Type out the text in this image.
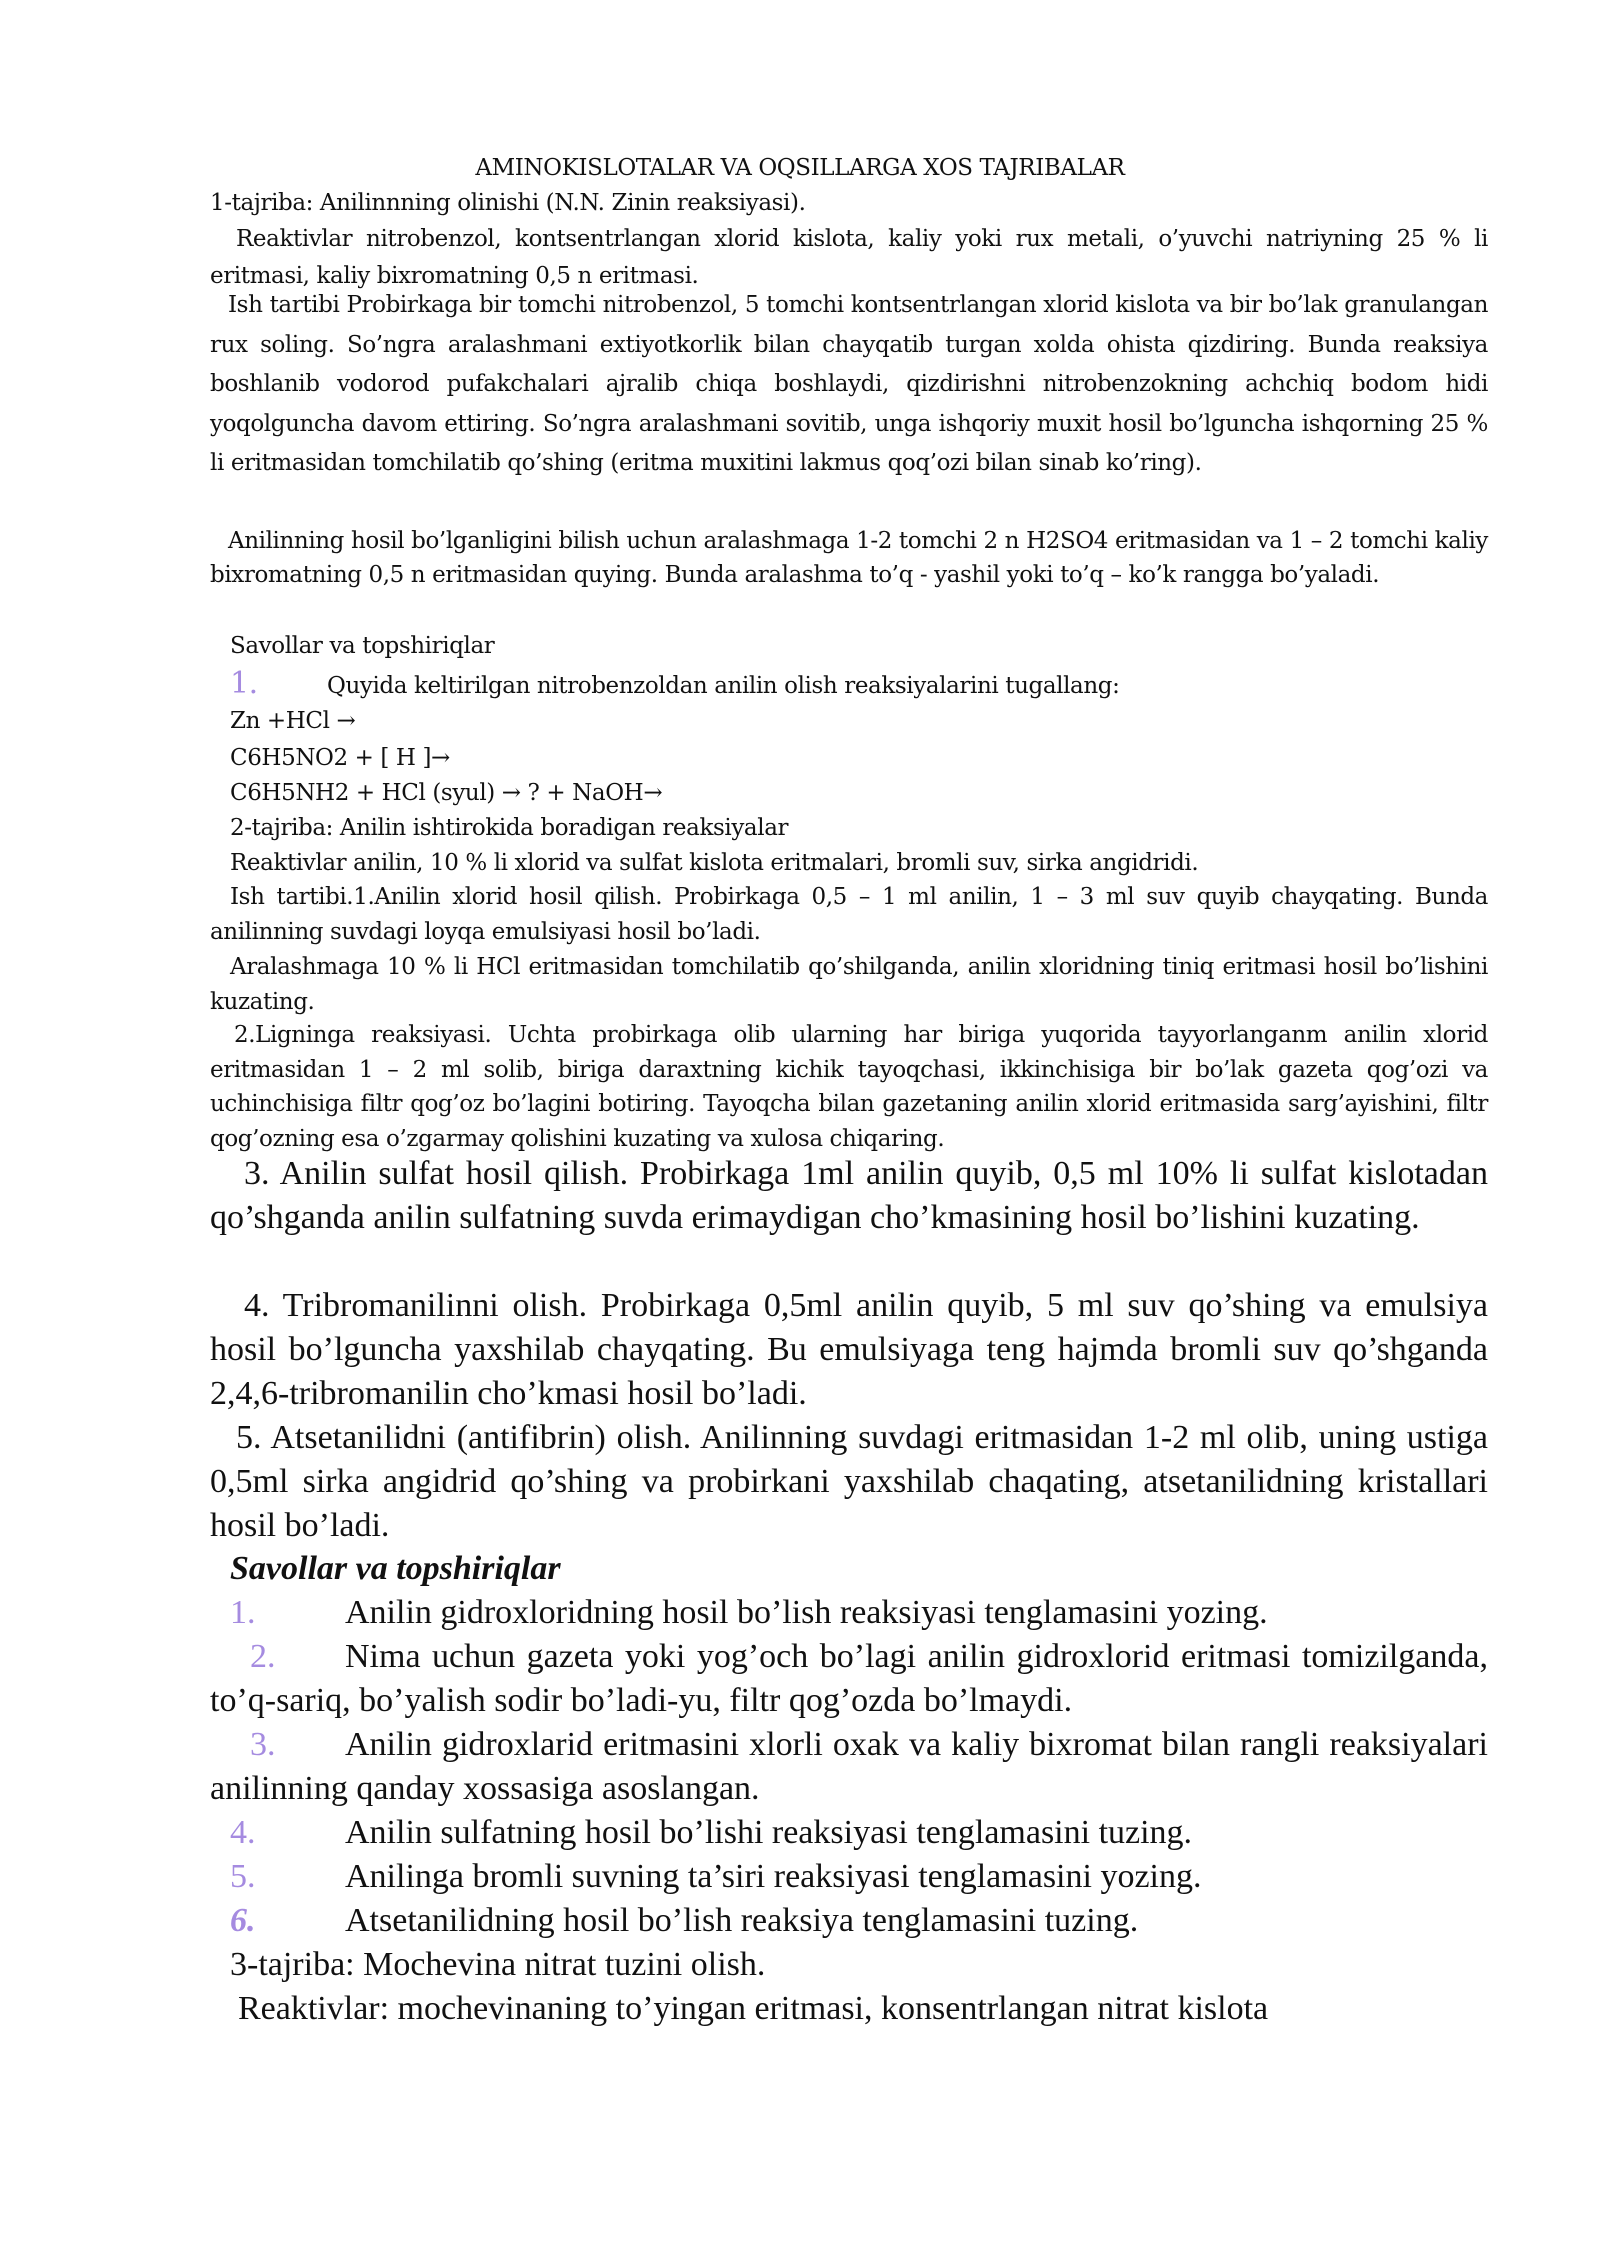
AMINOKISLOTALAR VA OQSILLARGA XOS TAJRIBALAR
1-tajriba: Anilinnning olinishi (N.N. Zinin reaksiyasi).

Reaktivlar nitrobenzol, kontsentrlangan xlorid kislota, kaliy yoki rux metali, o’yuvchi natriyning 25 % li eritmasi, kaliy bixromatning 0,5 n eritmasi.

Ish tartibi Probirkaga bir tomchi nitrobenzol, 5 tomchi kontsentrlangan xlorid kislota va bir bo’lak granulangan rux soling. So’ngra aralashmani extiyotkorlik bilan chayqatib turgan xolda ohista qizdiring. Bunda reaksiya boshlanib vodorod pufakchalari ajralib chiqa boshlaydi, qizdirishni nitrobenzokning achchiq bodom hidi yoqolguncha davom ettiring. So’ngra aralashmani sovitib, unga ishqoriy muxit hosil bo’lguncha ishqorning 25 % li eritmasidan tomchilatib qo’shing (eritma muxitini lakmus qoq’ozi bilan sinab ko’ring).

Anilinning hosil bo’lganligini bilish uchun aralashmaga 1-2 tomchi 2 n H2SO4 eritmasidan va 1 – 2 tomchi kaliy bixromatning 0,5 n eritmasidan quying. Bunda aralashma to’q - yashil yoki to’q – ko’k rangga bo’yaladi.

Savollar va topshiriqlar
1.	Quyida keltirilgan nitrobenzoldan anilin olish reaksiyalarini tugallang:
Zn +HCl →
C6H5NO2 + [ H ]→
C6H5NH2 + HCl (syul) → ? + NaOH→
2-tajriba: Anilin ishtirokida boradigan reaksiyalar
Reaktivlar anilin, 10 % li xlorid va sulfat kislota eritmalari, bromli suv, sirka angidridi.

Ish tartibi.1.Anilin xlorid hosil qilish. Probirkaga 0,5 – 1 ml anilin, 1 – 3 ml suv quyib chayqating. Bunda anilinning suvdagi loyqa emulsiyasi hosil bo’ladi.

Aralashmaga 10 % li HCl eritmasidan tomchilatib qo’shilganda, anilin xloridning tiniq eritmasi hosil bo’lishini kuzating.

2.Ligninga reaksiyasi. Uchta probirkaga olib ularning har biriga yuqorida tayyorlanganm anilin xlorid eritmasidan 1 – 2 ml solib, biriga daraxtning kichik tayoqchasi, ikkinchisiga bir bo’lak gazeta qog’ozi va uchinchisiga filtr qog’oz bo’lagini botiring. Tayoqcha bilan gazetaning anilin xlorid eritmasida sarg’ayishini, filtr qog’ozning esa o’zgarmay qolishini kuzating va xulosa chiqaring.

3. Anilin sulfat hosil qilish. Probirkaga 1ml anilin quyib, 0,5 ml 10% li sulfat kislotadan qo’shganda anilin sulfatning suvda erimaydigan cho’kmasining hosil bo’lishini kuzating.

4. Tribromanilinni olish. Probirkaga 0,5ml anilin quyib, 5 ml suv qo’shing va emulsiya hosil bo’lguncha yaxshilab chayqating. Bu emulsiyaga teng hajmda bromli suv qo’shganda 2,4,6-tribromanilin cho’kmasi hosil bo’ladi.

5. Atsetanilidni (antifibrin) olish. Anilinning suvdagi eritmasidan 1-2 ml olib, uning ustiga 0,5ml sirka angidrid qo’shing va probirkani yaxshilab chaqating, atsetanilidning kristallari hosil bo’ladi.

Savollar va topshiriqlar

1.	Anilin gidroxloridning hosil bo’lish reaksiyasi tenglamasini yozing.

2. Nima uchun gazeta yoki yog’och bo’lagi anilin gidroxlorid eritmasi tomizilganda, to’q-sariq, bo’yalish sodir bo’ladi-yu, filtr qog’ozda bo’lmaydi.

3. Anilin gidroxlarid eritmasini xlorli oxak va kaliy bixromat bilan rangli reaksiyalari anilinning qanday xossasiga asoslangan.

4.	Anilin sulfatning hosil bo’lishi reaksiyasi tenglamasini tuzing.

5.	Anilinga bromli suvning ta’siri reaksiyasi tenglamasini yozing.

6.	Atsetanilidning hosil bo’lish reaksiya tenglamasini tuzing.

3-tajriba: Mochevina nitrat tuzini olish.
Reaktivlar: mochevinaning to’yingan eritmasi, konsentrlangan nitrat kislota
